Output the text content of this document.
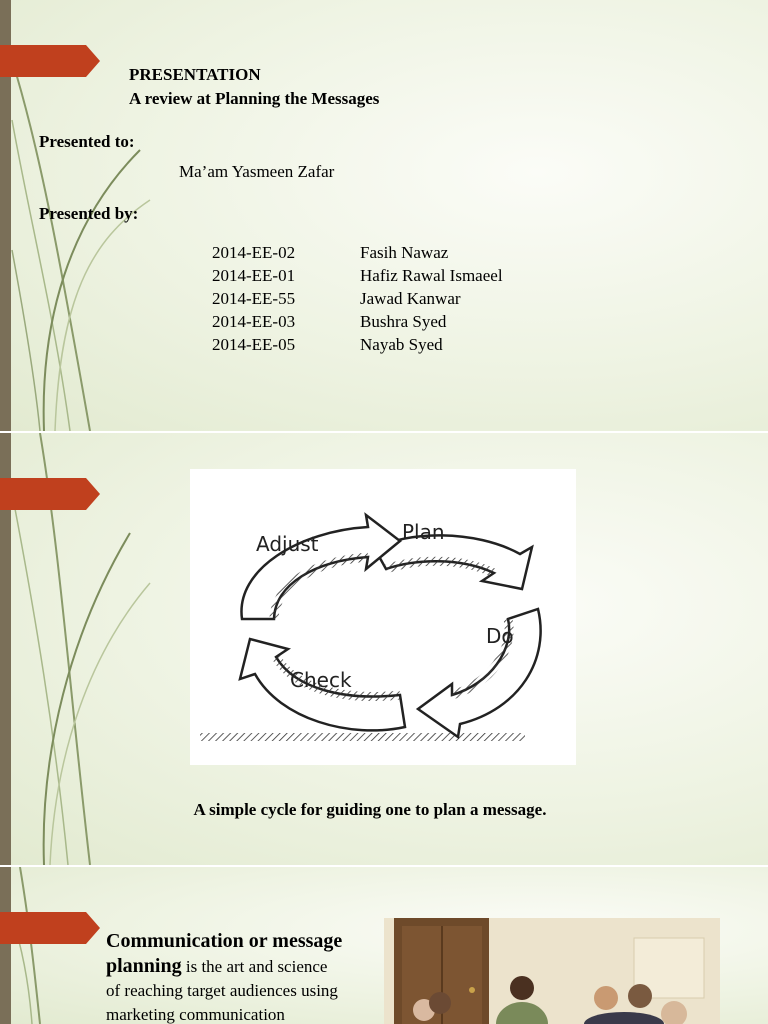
PRESENTATION
A review at Planning the Messages
Presented to:
Ma’am Yasmeen Zafar
Presented by:
2014-EE-02	Fasih Nawaz
2014-EE-01	Hafiz Rawal Ismaeel
2014-EE-55	Jawad Kanwar
2014-EE-03	Bushra Syed
2014-EE-05	Nayab Syed
Plan
Do
Check
Adjust
A simple cycle for guiding one to plan a message.
Communication or message
planning is the art and science
of reaching target audiences using
marketing communication
